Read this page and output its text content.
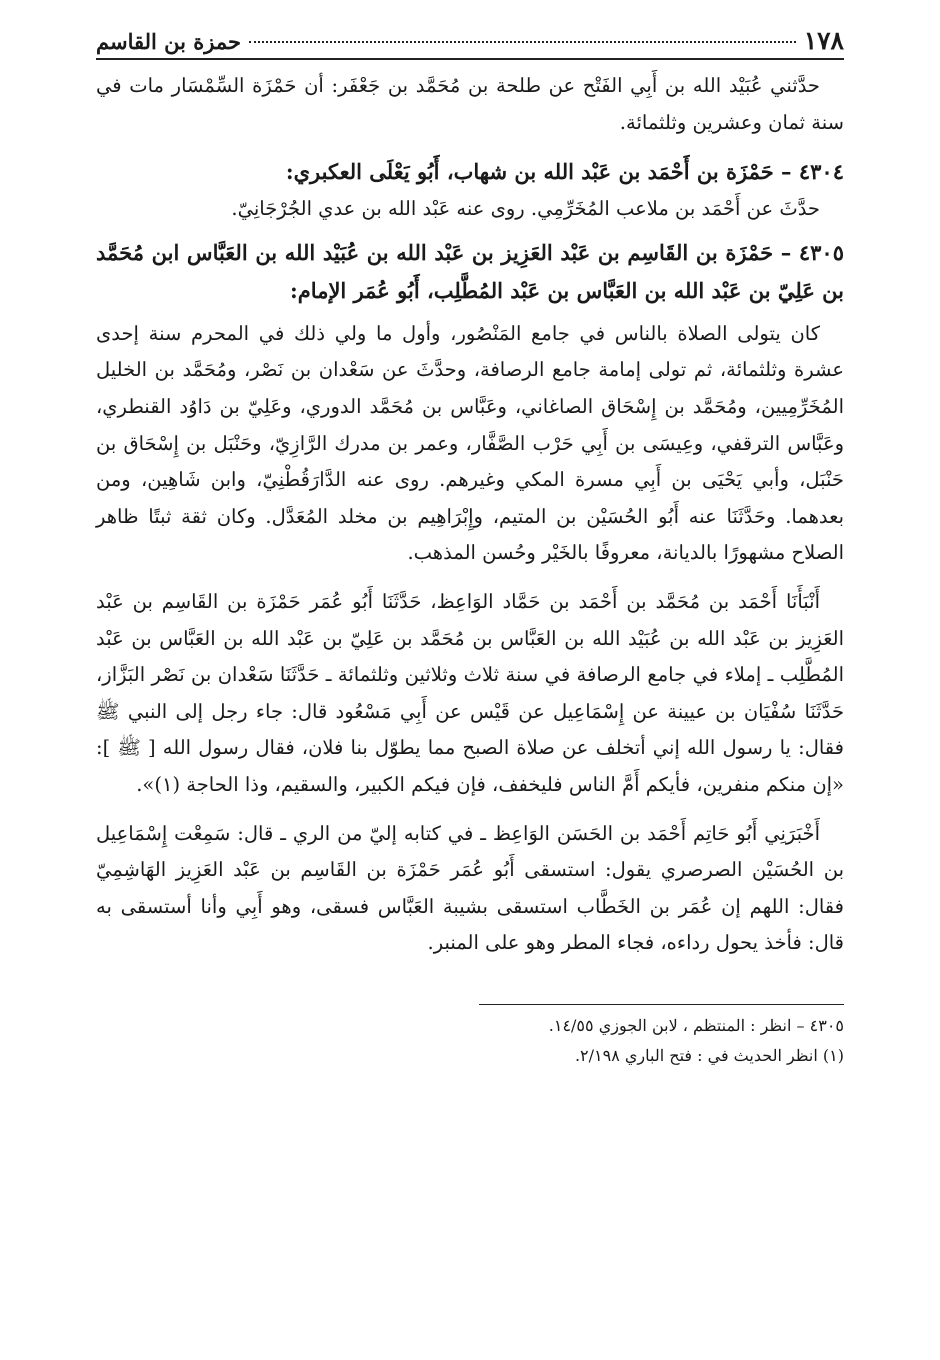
١٧٨
حمزة بن القاسم

حدَّثني عُبَيْد الله بن أَبِي الفَتْح عن طلحة بن مُحَمَّد بن جَعْفَر: أن حَمْزَة السِّمْسَار مات في سنة ثمان وعشرين وثلثمائة.

٤٣٠٤ – حَمْزَة بن أَحْمَد بن عَبْد الله بن شهاب، أَبُو يَعْلَى العكبري:

حدَّثَ عن أَحْمَد بن ملاعب المُخَرِّمِي. روى عنه عَبْد الله بن عدي الجُرْجَانِيّ.

٤٣٠٥ – حَمْزَة بن القَاسِم بن عَبْد العَزِيز بن عَبْد الله بن عُبَيْد الله بن العَبَّاس ابن مُحَمَّد بن عَلِيّ بن عَبْد الله بن العَبَّاس بن عَبْد المُطَّلِب، أَبُو عُمَر الإمام:

كان يتولى الصلاة بالناس في جامع المَنْصُور، وأول ما ولي ذلك في المحرم سنة إحدى عشرة وثلثمائة، ثم تولى إمامة جامع الرصافة، وحدَّثَ عن سَعْدان بن نَصْر، ومُحَمَّد بن الخليل المُخَرِّمِيين، ومُحَمَّد بن إِسْحَاق الصاغاني، وعَبَّاس بن مُحَمَّد الدوري، وعَلِيّ بن دَاوُد القنطري، وعَبَّاس الترقفي، وعِيسَى بن أَبِي حَرْب الصَّفَّار، وعمر بن مدرك الرَّازِيّ، وحَنْبَل بن إِسْحَاق بن حَنْبَل، وأبي يَحْيَى بن أَبِي مسرة المكي وغيرهم. روى عنه الدَّارَقُطْنِيّ، وابن شَاهِين، ومن بعدهما. وحَدَّثَنَا عنه أَبُو الحُسَيْن بن المتيم، وإِبْرَاهِيم بن مخلد المُعَدَّل. وكان ثقة ثبتًا ظاهر الصلاح مشهورًا بالديانة، معروفًا بالخَيْر وحُسن المذهب.

أَنْبَأَنَا أَحْمَد بن مُحَمَّد بن أَحْمَد بن حَمَّاد الوَاعِظ، حَدَّثَنَا أَبُو عُمَر حَمْزَة بن القَاسِم بن عَبْد العَزِيز بن عَبْد الله بن عُبَيْد الله بن العَبَّاس بن مُحَمَّد بن عَلِيّ بن عَبْد الله بن العَبَّاس بن عَبْد المُطَّلِب ـ إملاء في جامع الرصافة في سنة ثلاث وثلاثين وثلثمائة ـ حَدَّثَنَا سَعْدان بن نَصْر البَزَّاز، حَدَّثَنَا سُفْيَان بن عيينة عن إِسْمَاعِيل عن قَيْس عن أَبِي مَسْعُود قال: جاء رجل إلى النبي ﷺ فقال: يا رسول الله إني أتخلف عن صلاة الصبح مما يطوّل بنا فلان، فقال رسول الله [ ﷺ ]: «إن منكم منفرين، فأيكم أَمَّ الناس فليخفف، فإن فيكم الكبير، والسقيم، وذا الحاجة (١)».

أَخْبَرَنِي أَبُو حَاتِم أَحْمَد بن الحَسَن الوَاعِظ ـ في كتابه إليّ من الري ـ قال: سَمِعْت إِسْمَاعِيل بن الحُسَيْن الصرصري يقول: استسقى أَبُو عُمَر حَمْزَة بن القَاسِم بن عَبْد العَزِيز الهَاشِمِيّ فقال: اللهم إن عُمَر بن الخَطَّاب استسقى بشيبة العَبَّاس فسقى، وهو أَبِي وأنا أستسقى به قال: فأخذ يحول رداءه، فجاء المطر وهو على المنبر.

٤٣٠٥ – انظر : المنتظم ، لابن الجوزي ١٤/٥٥.

(١) انظر الحديث في : فتح الباري ٢/١٩٨.
